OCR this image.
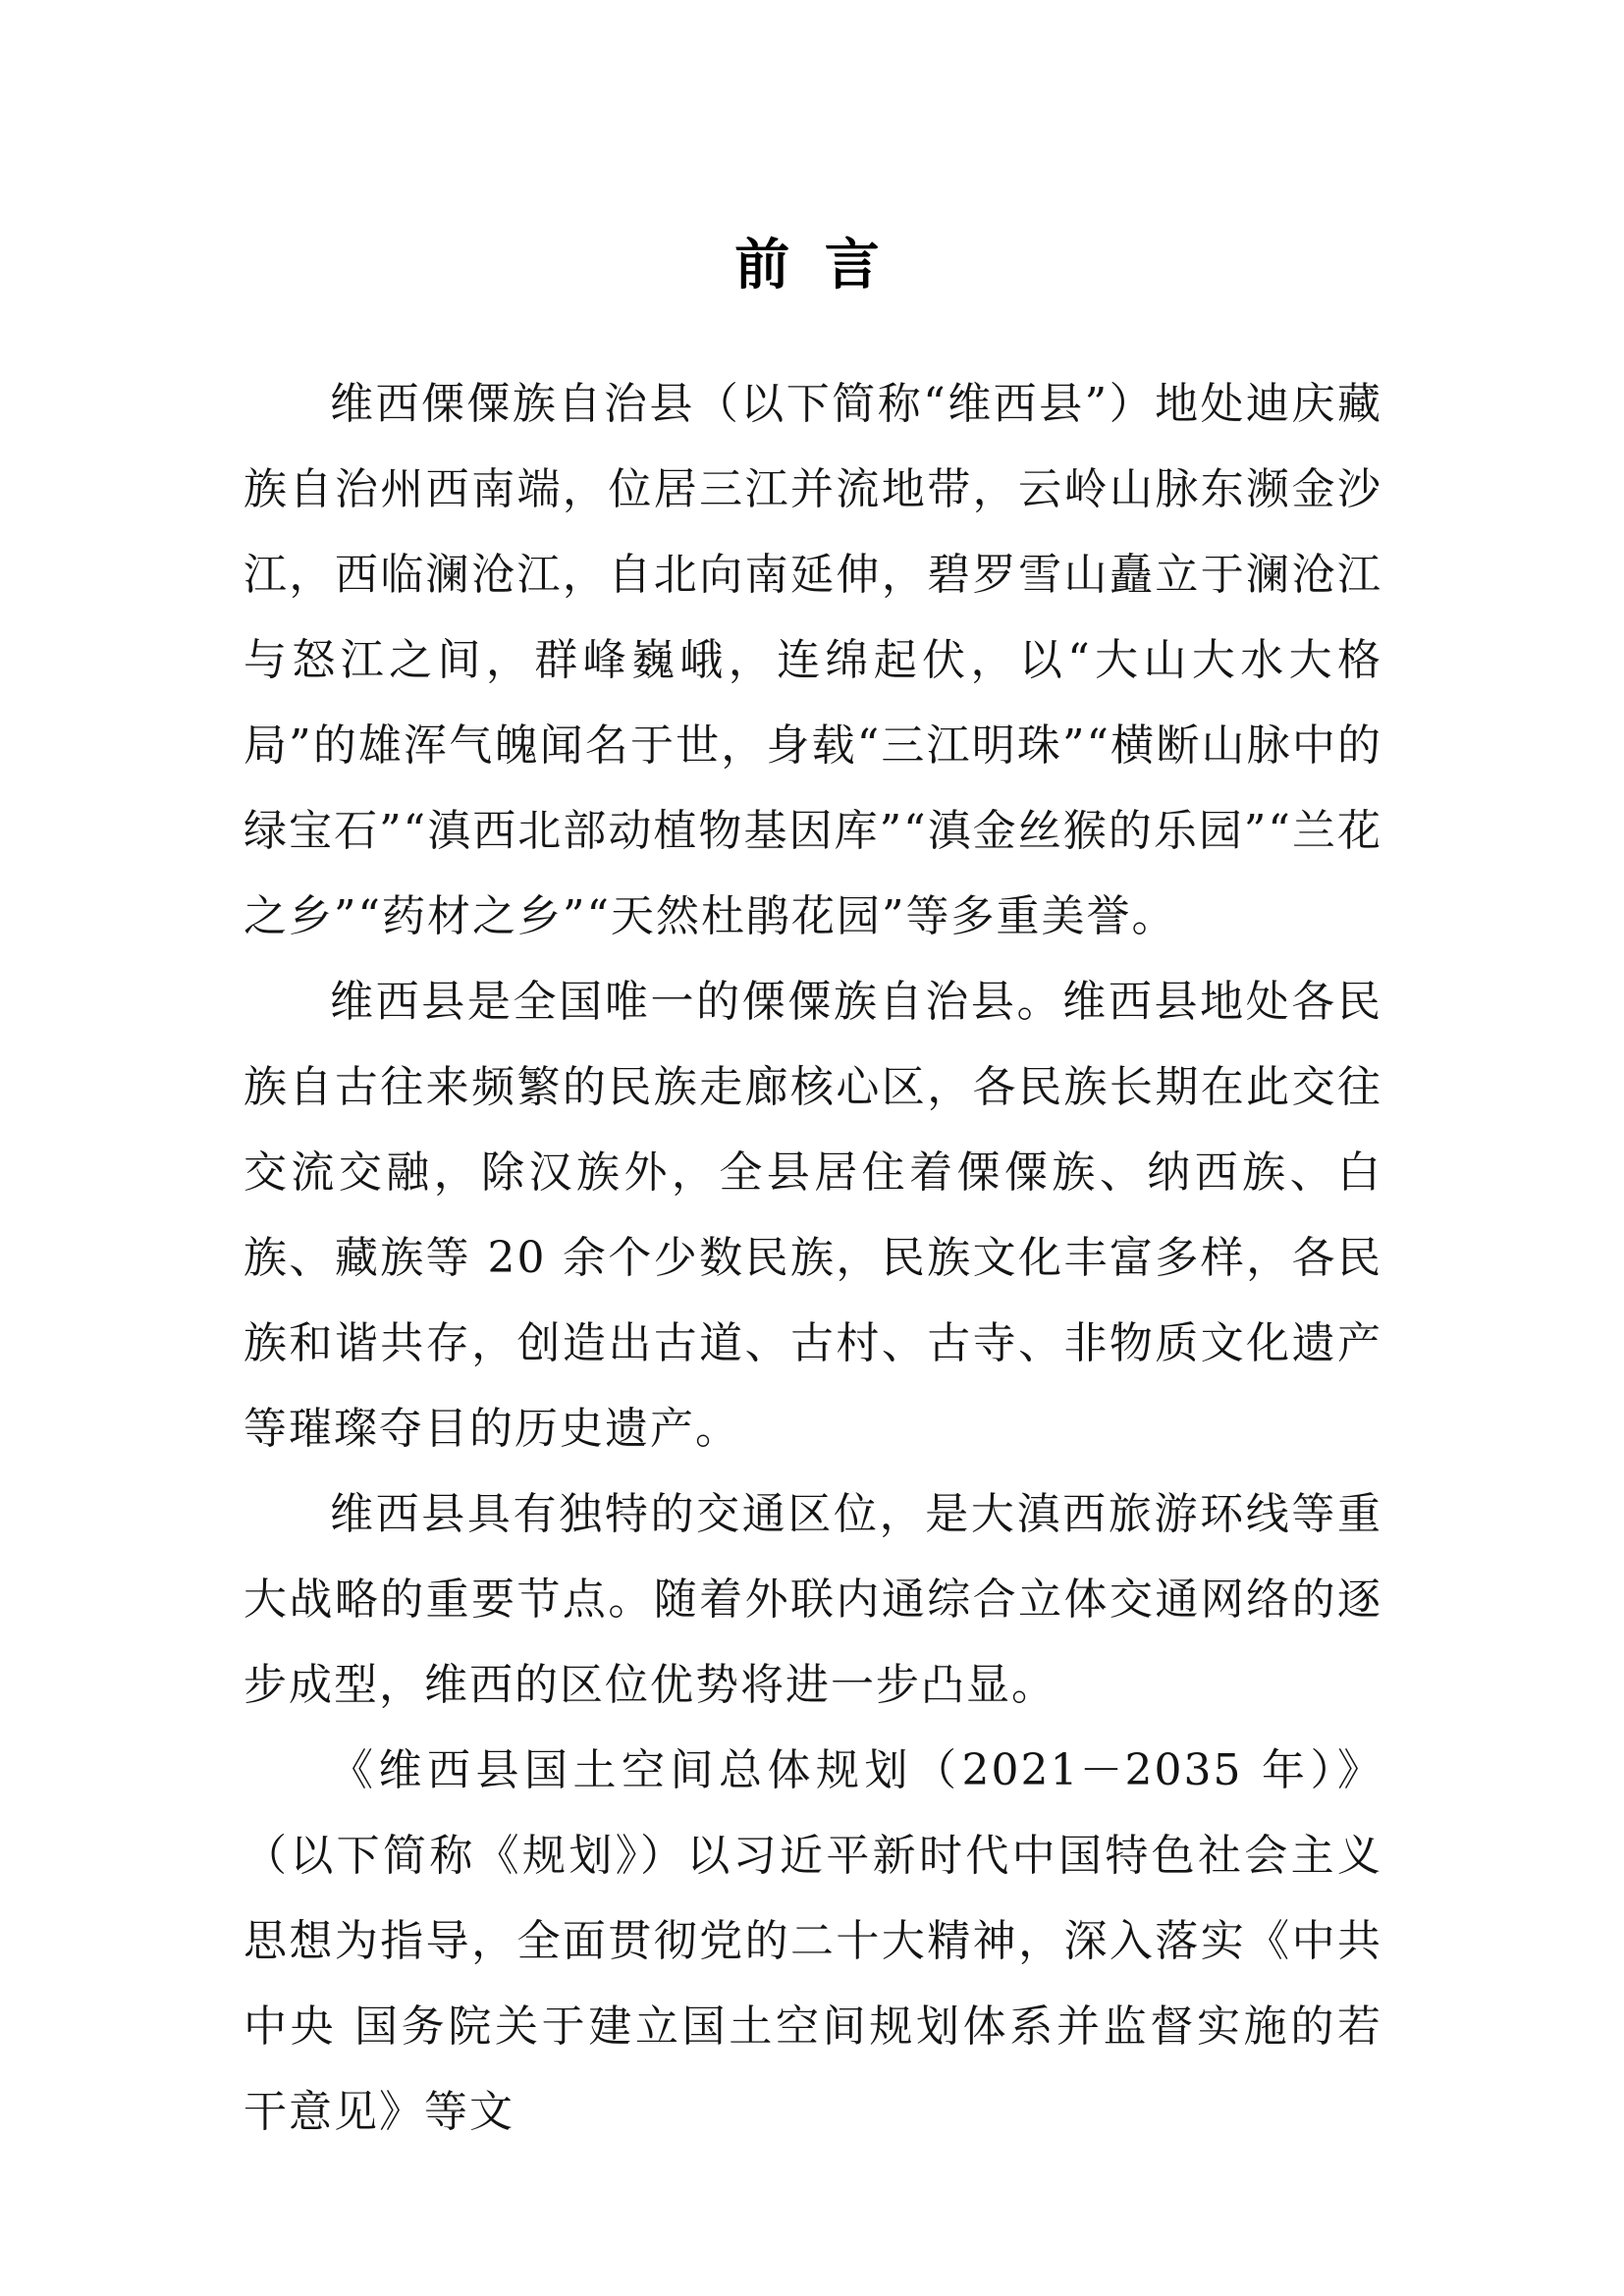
前 言

维西傈僳族自治县（以下简称“维西县”）地处迪庆藏族自治州西南端，位居三江并流地带，云岭山脉东濒金沙江，西临澜沧江，自北向南延伸，碧罗雪山矗立于澜沧江与怒江之间，群峰巍峨，连绵起伏，以“大山大水大格局”的雄浑气魄闻名于世，身载“三江明珠”“横断山脉中的绿宝石”“滇西北部动植物基因库”“滇金丝猴的乐园”“兰花之乡”“药材之乡”“天然杜鹃花园”等多重美誉。

维西县是全国唯一的傈僳族自治县。维西县地处各民族自古往来频繁的民族走廊核心区，各民族长期在此交往交流交融，除汉族外，全县居住着傈僳族、纳西族、白族、藏族等 20 余个少数民族，民族文化丰富多样，各民族和谐共存，创造出古道、古村、古寺、非物质文化遗产等璀璨夺目的历史遗产。

维西县具有独特的交通区位，是大滇西旅游环线等重大战略的重要节点。随着外联内通综合立体交通网络的逐步成型，维西的区位优势将进一步凸显。

《维西县国土空间总体规划（2021－2035 年）》（以下简称《规划》）以习近平新时代中国特色社会主义思想为指导，全面贯彻党的二十大精神，深入落实《中共中央 国务院关于建立国土空间规划体系并监督实施的若干意见》等文
